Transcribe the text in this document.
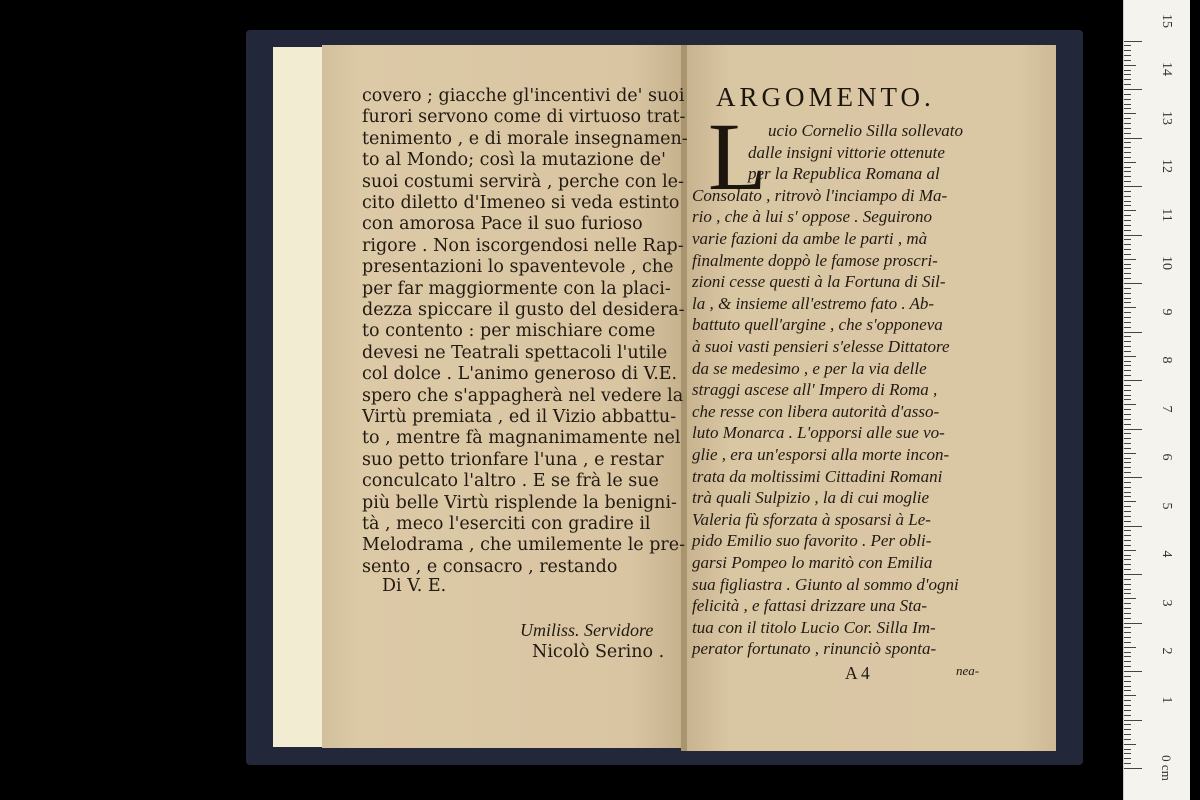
covero ; giacche gl'incentivi de' suoi
furori servono come di virtuoso trat-
tenimento , e di morale insegnamen-
to al Mondo; così la mutazione de'
suoi costumi servirà , perche con le-
cito diletto d'Imeneo si veda estinto
con amorosa Pace il suo furioso
rigore . Non iscorgendosi nelle Rap-
presentazioni lo spaventevole , che
per far maggiormente con la placi-
dezza spiccare il gusto del desidera-
to contento : per mischiare come
devesi ne Teatrali spettacoli l'utile
col dolce . L'animo generoso di V.E.
spero che s'appagherà nel vedere la
Virtù premiata , ed il Vizio abbattu-
to , mentre fà magnanimamente nel
suo petto trionfare l'una , e restar
conculcato l'altro . E se frà le sue
più belle Virtù risplende la benigni-
tà , meco l'eserciti con gradire il
Melodrama , che umilemente le pre-
sento , e consacro , restando
Di V. E.
Umiliss. Servidore
Nicolò Serino .
ARGOMENTO.
L ucio Cornelio Silla sollevato
dalle insigni vittorie ottenute
per la Republica Romana al
Consolato , ritrovò l'inciampo di Ma-
rio , che à lui s' oppose . Seguirono
varie fazioni da ambe le parti , mà
finalmente doppò le famose proscri-
zioni cesse questi à la Fortuna di Sil-
la , & insieme all'estremo fato . Ab-
battuto quell'argine , che s'opponeva
à suoi vasti pensieri s'elesse Dittatore
da se medesimo , e per la via delle
straggi ascese all' Impero di Roma ,
che resse con libera autorità d'asso-
luto Monarca . L'opporsi alle sue vo-
glie , era un'esporsi alla morte incon-
trata da moltissimi Cittadini Romani
trà quali Sulpizio , la di cui moglie
Valeria fù sforzata à sposarsi à Le-
pido Emilio suo favorito . Per obli-
garsi Pompeo lo maritò con Emilia
sua figliastra . Giunto al sommo d'ogni
felicità , e fattasi drizzare una Sta-
tua con il titolo Lucio Cor. Silla Im-
perator fortunato , rinunciò sponta-
A 4	nea-
0 cm
1
2
3
4
5
6
7
8
9
10
11
12
13
14
15
